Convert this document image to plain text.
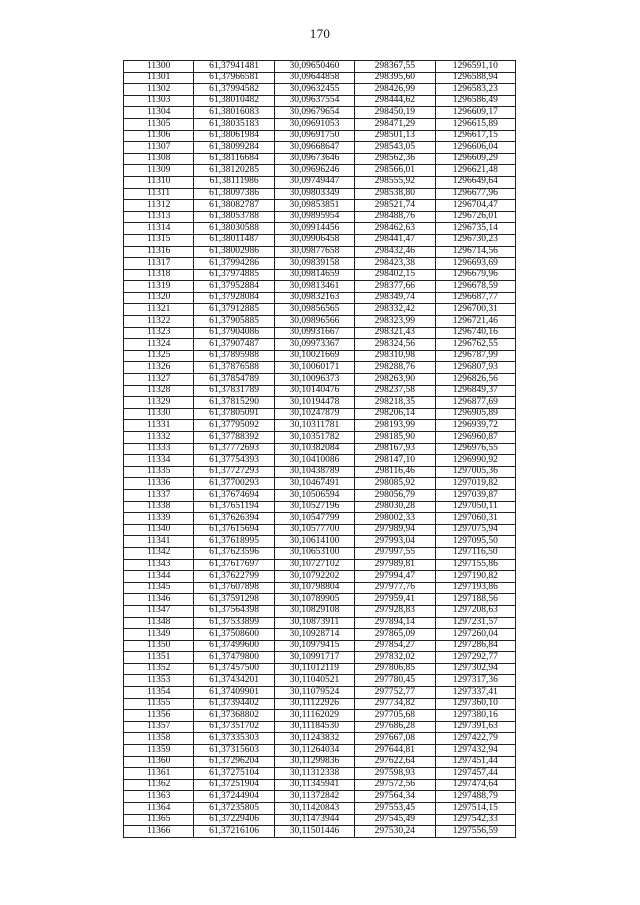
170
11300	61,37941481	30,09650460	298367,55	1296591,10
11301	61,37966581	30,09644858	298395,60	1296588,94
11302	61,37994582	30,09632455	298426,99	1296583,23
11303	61,38010482	30,09637554	298444,62	1296586,49
11304	61,38016083	30,09679654	298450,19	1296609,17
11305	61,38035183	30,09691053	298471,29	1296615,89
11306	61,38061984	30,09691750	298501,13	1296617,15
11307	61,38099284	30,09668647	298543,05	1296606,04
11308	61,38116684	30,09673646	298562,36	1296609,29
11309	61,38120285	30,09696246	298566,01	1296621,48
11310	61,38111986	30,09749447	298555,92	1296649,64
11311	61,38097386	30,09803349	298538,80	1296677,96
11312	61,38082787	30,09853851	298521,74	1296704,47
11313	61,38053788	30,09895954	298488,76	1296726,01
11314	61,38030588	30,09914456	298462,63	1296735,14
11315	61,38011487	30,09906458	298441,47	1296730,23
11316	61,38002986	30,09877658	298432,46	1296714,56
11317	61,37994286	30,09839158	298423,38	1296693,69
11318	61,37974885	30,09814659	298402,15	1296679,96
11319	61,37952884	30,09813461	298377,66	1296678,59
11320	61,37928084	30,09832163	298349,74	1296687,77
11321	61,37912885	30,09856565	298332,42	1296700,31
11322	61,37905885	30,09896566	298323,99	1296721,46
11323	61,37904086	30,09931667	298321,43	1296740,16
11324	61,37907487	30,09973367	298324,56	1296762,55
11325	61,37895988	30,10021669	298310,98	1296787,99
11326	61,37876588	30,10060171	298288,76	1296807,93
11327	61,37854789	30,10096373	298263,90	1296826,56
11328	61,37831789	30,10140476	298237,58	1296849,37
11329	61,37815290	30,10194478	298218,35	1296877,69
11330	61,37805091	30,10247879	298206,14	1296905,89
11331	61,37795092	30,10311781	298193,99	1296939,72
11332	61,37788392	30,10351782	298185,90	1296960,87
11333	61,37772693	30,10382084	298167,93	1296976,55
11334	61,37754393	30,10410086	298147,10	1296990,92
11335	61,37727293	30,10438789	298116,46	1297005,36
11336	61,37700293	30,10467491	298085,92	1297019,82
11337	61,37674694	30,10506594	298056,79	1297039,87
11338	61,37651194	30,10527196	298030,28	1297050,11
11339	61,37626394	30,10547799	298002,33	1297060,31
11340	61,37615694	30,10577700	297989,94	1297075,94
11341	61,37618995	30,10614100	297993,04	1297095,50
11342	61,37623596	30,10653100	297997,55	1297116,50
11343	61,37617697	30,10727102	297989,81	1297155,86
11344	61,37622799	30,10792202	297994,47	1297190,82
11345	61,37607898	30,10798804	297977,76	1297193,86
11346	61,37591298	30,10789905	297959,41	1297188,56
11347	61,37564398	30,10829108	297928,83	1297208,63
11348	61,37533899	30,10873911	297894,14	1297231,57
11349	61,37508600	30,10928714	297865,09	1297260,04
11350	61,37499600	30,10979415	297854,27	1297286,84
11351	61,37479800	30,10991717	297832,02	1297292,77
11352	61,37457500	30,11012119	297806,85	1297302,94
11353	61,37434201	30,11040521	297780,45	1297317,36
11354	61,37409901	30,11079524	297752,77	1297337,41
11355	61,37394402	30,11122926	297734,82	1297360,10
11356	61,37368802	30,11162029	297705,68	1297380,16
11357	61,37351702	30,11184530	297686,28	1297391,63
11358	61,37335303	30,11243832	297667,08	1297422,79
11359	61,37315603	30,11264034	297644,81	1297432,94
11360	61,37296204	30,11299836	297622,64	1297451,44
11361	61,37275104	30,11312338	297598,93	1297457,44
11362	61,37251904	30,11345941	297572,56	1297474,64
11363	61,37244904	30,11372842	297564,34	1297488,79
11364	61,37235805	30,11420843	297553,45	1297514,15
11365	61,37229406	30,11473944	297545,49	1297542,33
11366	61,37216106	30,11501446	297530,24	1297556,59
